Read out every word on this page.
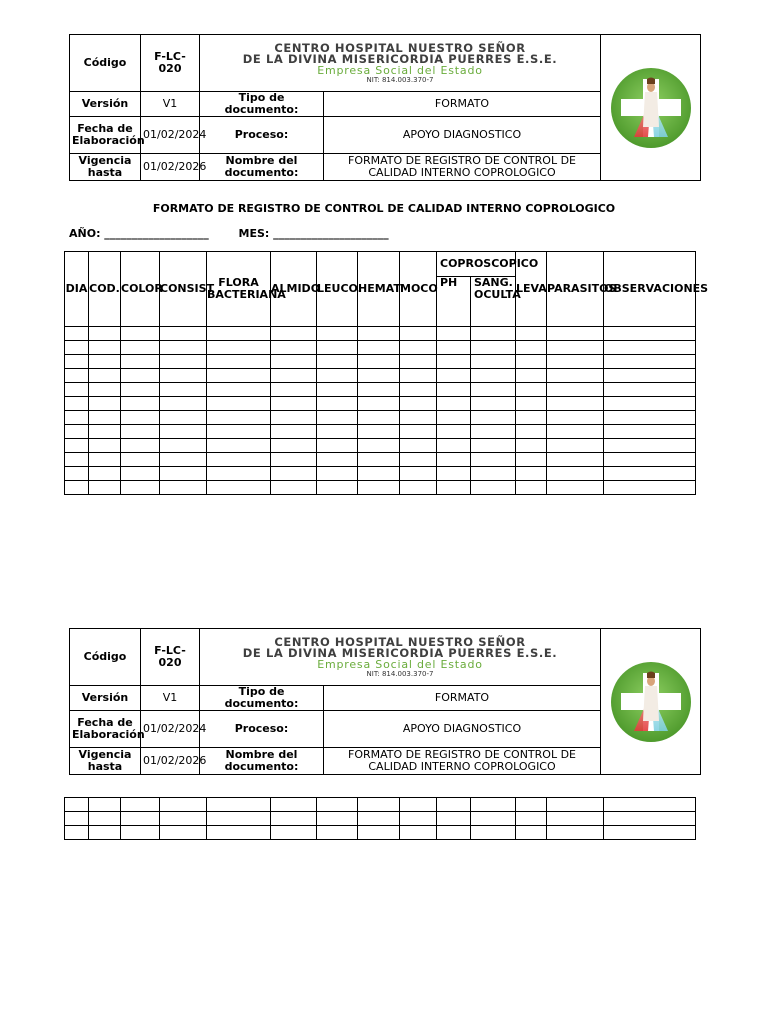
Código	F-LC-020	CENTRO HOSPITAL NUESTRO SEÑOR
DE LA DIVINA MISERICORDIA PUERRES E.S.E.
Empresa Social del Estado
NIT: 814.003.370-7

Versión	V1	Tipo de documento:	FORMATO	
Fecha de Elaboración	01/02/2024	Proceso:	APOYO DIAGNOSTICO	
Vigencia hasta	01/02/2026	Nombre del documento:	FORMATO DE REGISTRO DE CONTROL DE CALIDAD INTERNO COPROLOGICO	
FORMATO DE REGISTRO DE CONTROL DE CALIDAD INTERNO COPROLOGICO
AÑO: ___________________	MES: _____________________
DIA	COD.	COLOR	CONSIST	FLORA BACTERIANA	ALMIDO	LEUCO.	HEMAT	MOCO	COPROSCOPICO		LEVA	PARASITOS	OBSERVACIONES
									PH	SANG. OCULTA			

Código	F-LC-020	CENTRO HOSPITAL NUESTRO SEÑOR
DE LA DIVINA MISERICORDIA PUERRES E.S.E.
Empresa Social del Estado
NIT: 814.003.370-7

Versión	V1	Tipo de documento:	FORMATO	
Fecha de Elaboración	01/02/2024	Proceso:	APOYO DIAGNOSTICO	
Vigencia hasta	01/02/2026	Nombre del documento:	FORMATO DE REGISTRO DE CONTROL DE CALIDAD INTERNO COPROLOGICO	
